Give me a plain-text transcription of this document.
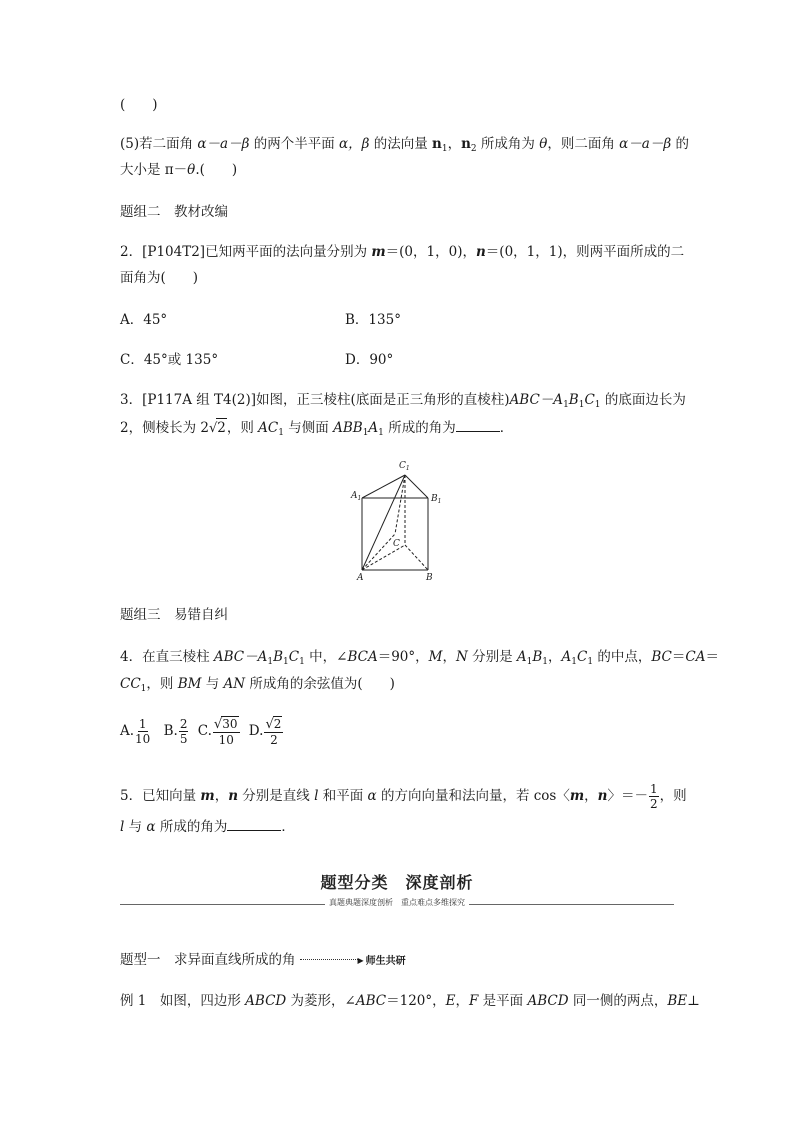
(　　)
(5)若二面角 α－a－β 的两个半平面 α，β 的法向量 $n_1$，$n_2$ 所成角为 θ，则二面角 α－a－β 的
大小是 π－θ.(　　)
题组二　教材改编
2．[P104T2]已知两平面的法向量分别为 m＝(0，1，0)，n＝(0，1，1)，则两平面所成的二
面角为(　　)
A．45°	B．135°
C．45°或 135°	D．90°
3．[P117A 组 T4(2)]如图，正三棱柱(底面是正三角形的直棱柱)$ABC-A_1B_1C_1$ 的底面边长为
2，侧棱长为 2√2，则 $AC_1$ 与侧面 $ABB_1A_1$ 所成的角为	．
$C_1$
$A_1$	$B_1$
C
A	B
题组三　易错自纠
4．在直三棱柱 $ABC-A_1B_1C_1$ 中，∠BCA＝90°，M，N 分别是 $A_1B_1$，$A_1C_1$ 的中点，BC＝CA＝
$CC_1$，则 BM 与 AN 所成角的余弦值为(　　)
A. $\frac{1}{10} B$. $\frac{2}{5} C$. $\frac{√30}{10} D$. $\frac{√2}{2}$
5．已知向量 m，n 分别是直线 l 和平面 α 的方向向量和法向量，若 cos〈m，n〉＝－ $\frac{1}{2}$ ，则
l 与 α 所成的角为	．
题型分类　深度剖析
真题典题深度剖析　重点难点多维探究
题型一　求异面直线所成的角	▶ 师生共研
例 1　如图，四边形 ABCD 为菱形，∠ABC＝120°，E，F 是平面 ABCD 同一侧的两点，BE⊥
